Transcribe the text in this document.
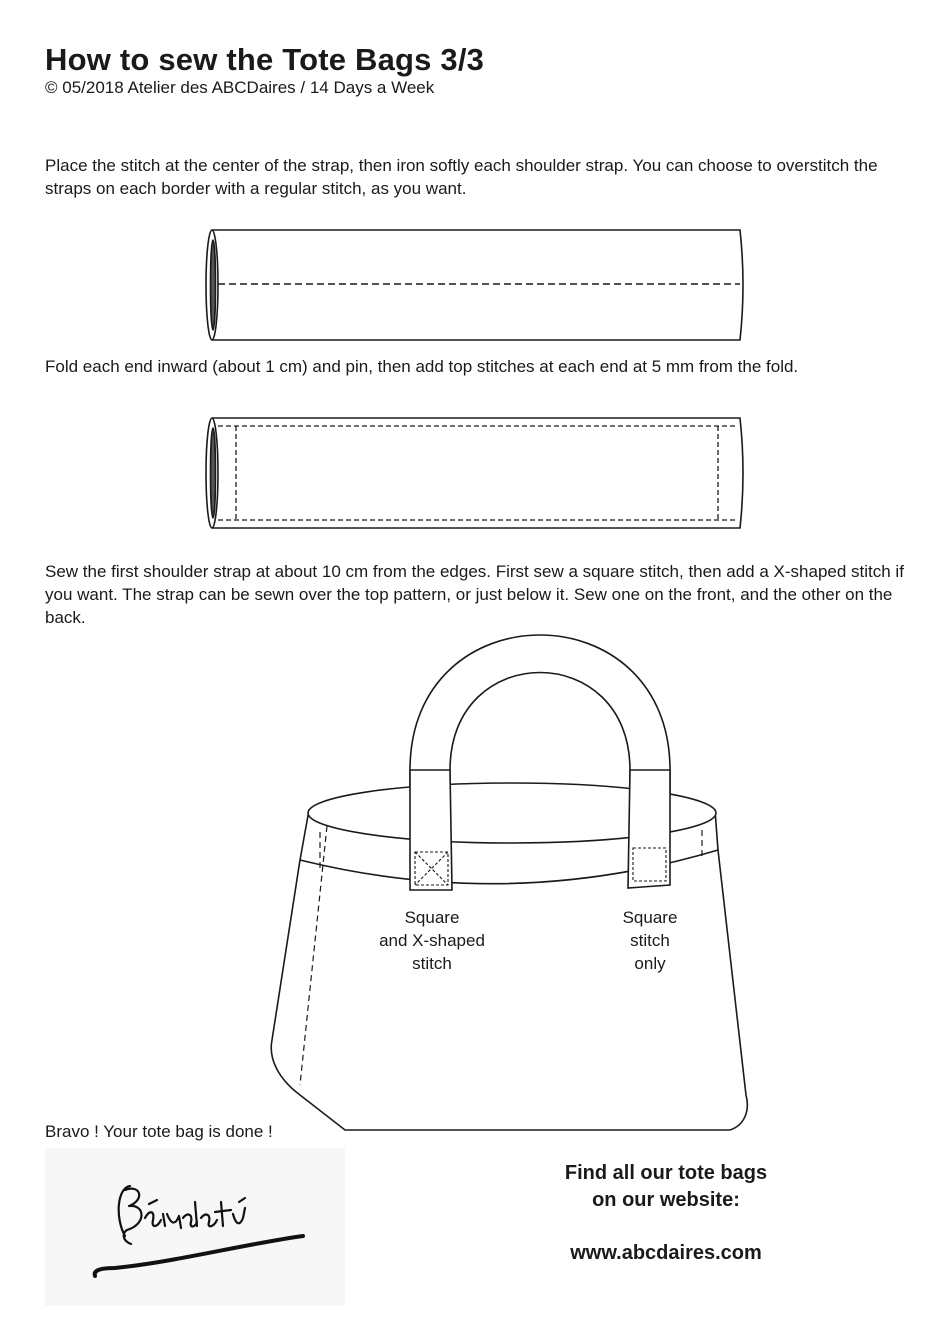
How to sew the Tote Bags 3/3
© 05/2018 Atelier des ABCDaires / 14 Days a Week

Place the stitch at the center of the strap, then iron softly each shoulder strap. You can choose to overstitch the straps on each border with a regular stitch, as you want.

Fold each end inward (about 1 cm) and pin, then add top stitches at each end at 5 mm from the fold.

Sew the first shoulder strap at about 10 cm from the edges. First sew a square stitch, then add a X-shaped stitch if you want. The strap can be sewn over the top pattern, or just below it. Sew one on the front, and the other on the back.

Square
and X-shaped
stitch
Square
stitch
only
Bravo ! Your tote bag is done !
Find all our tote bags
on our website:
www.abcdaires.com
